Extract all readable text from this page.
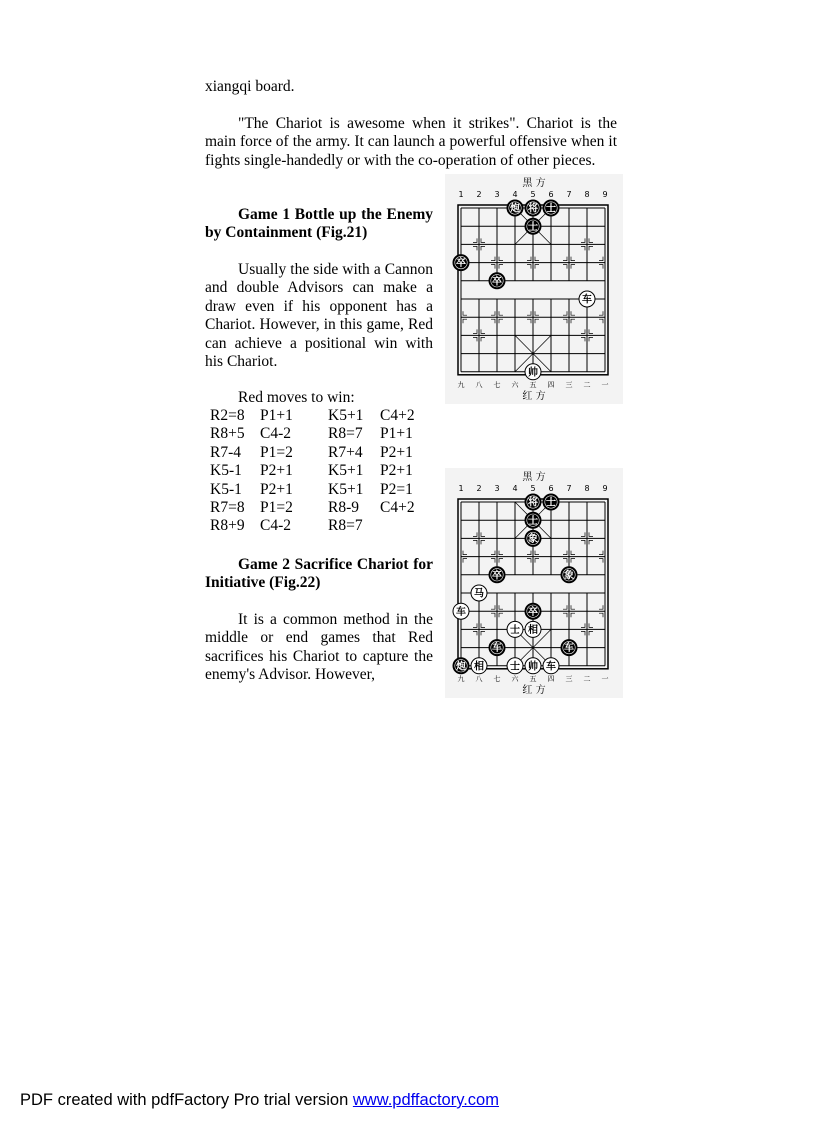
xiangqi board.

"The Chariot is awesome when it strikes". Chariot is the main force of the army. It can launch a powerful offensive when it fights single-handedly or with the co-operation of other pieces.

Game 1 Bottle up the Enemy by Containment (Fig.21)

Usually the side with a Cannon and double Advisors can make a draw even if his opponent has a Chariot. However, in this game, Red can achieve a positional win with his Chariot.

Red moves to win:

R2=8	P1+1	K5+1	C4+2
R8+5	C4-2	R8=7	P1+1
R7-4	P1=2	R7+4	P2+1
K5-1	P2+1	K5+1	P2+1
K5-1	P2+1	K5+1	P2=1
R7=8	P1=2	R8-9	C4+2
R8+9	C4-2	R8=7	

Game 2 Sacrifice Chariot for Initiative (Fig.22)

It is a common method in the middle or end games that Red sacrifices his Chariot to capture the enemy's Advisor. However,

黑 方
1 2 3 4 5 6 7 8 9
炮 将 士
士
卒
卒
车
帅
九 八 七 六 五 四 三 二 一
红 方
黑 方
1 2 3 4 5 6 7 8 9
将 士
士
象
卒	象
马
车	卒
士 相
车	车
炮 相	士 帅 车
九 八 七 六 五 四 三 二 一
红 方
PDF created with pdfFactory Pro trial version www.pdffactory.com
